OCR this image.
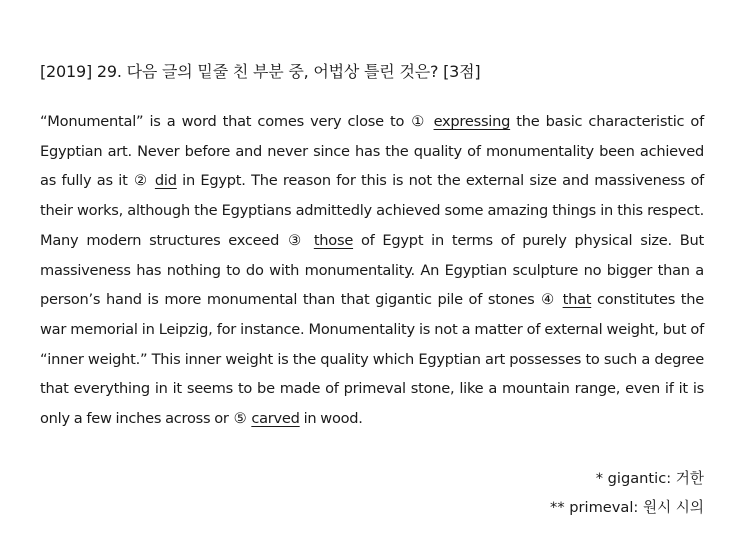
[2019] 29. 다음 글의 밑줄 친 부분 중, 어법상 틀린 것은? [3점]
“Monumental” is a word that comes very close to ① expressing the basic characteristic of Egyptian art. Never before and never since has the quality of monumentality been achieved as fully as it ② did in Egypt. The reason for this is not the external size and massiveness of their works, although the Egyptians admittedly achieved some amazing things in this respect. Many modern structures exceed ③ those of Egypt in terms of purely physical size. But massiveness has nothing to do with monumentality. An Egyptian sculpture no bigger than a person’s hand is more monumental than that gigantic pile of stones ④ that constitutes the war memorial in Leipzig, for instance. Monumentality is not a matter of external weight, but of “inner weight.” This inner weight is the quality which Egyptian art possesses to such a degree that everything in it seems to be made of primeval stone, like a mountain range, even if it is only a few inches across or ⑤ carved in wood.
* gigantic: 거한
** primeval: 원시 시의
